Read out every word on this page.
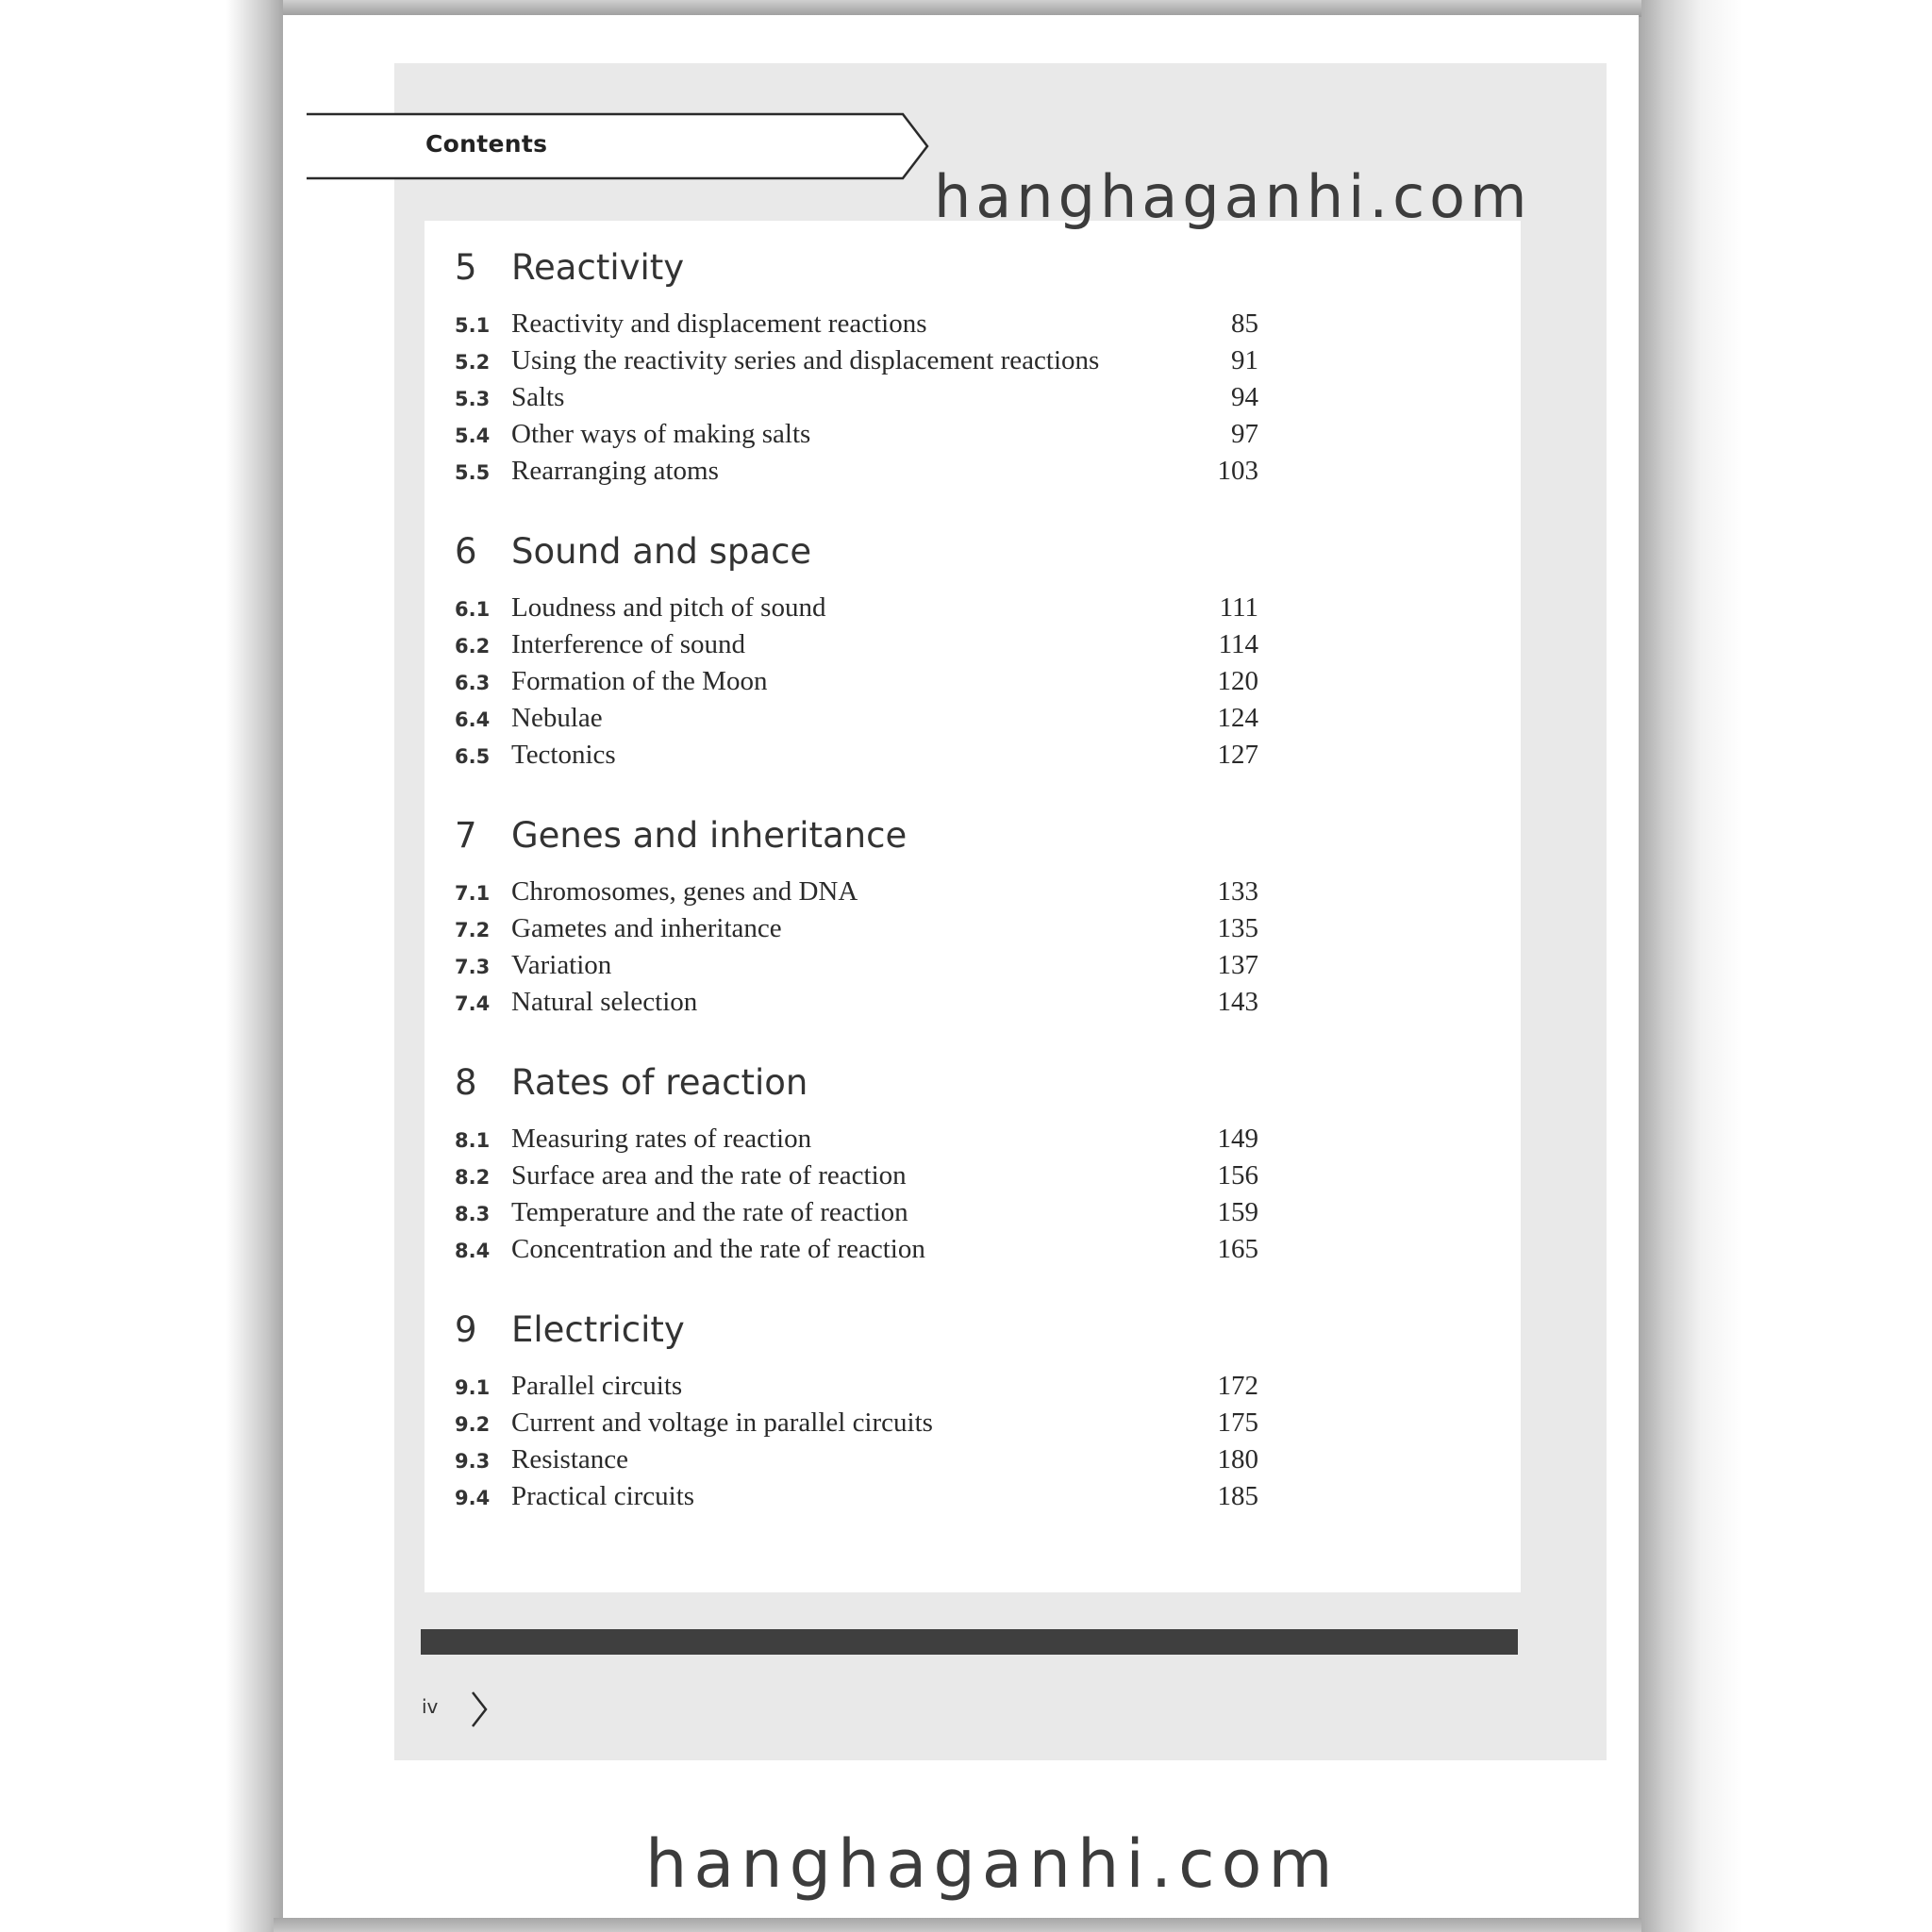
Contents
hanghaganhi.com
hanghaganhi.com
5 Reactivity
5.1 Reactivity and displacement reactions	85
5.2 Using the reactivity series and displacement reactions	91
5.3 Salts	94
5.4 Other ways of making salts	97
5.5 Rearranging atoms	103
6 Sound and space
6.1 Loudness and pitch of sound	111
6.2 Interference of sound	114
6.3 Formation of the Moon	120
6.4 Nebulae	124
6.5 Tectonics	127
7 Genes and inheritance
7.1 Chromosomes, genes and DNA	133
7.2 Gametes and inheritance	135
7.3 Variation	137
7.4 Natural selection	143
8 Rates of reaction
8.1 Measuring rates of reaction	149
8.2 Surface area and the rate of reaction	156
8.3 Temperature and the rate of reaction	159
8.4 Concentration and the rate of reaction	165
9 Electricity
9.1 Parallel circuits	172
9.2 Current and voltage in parallel circuits	175
9.3 Resistance	180
9.4 Practical circuits	185
iv
